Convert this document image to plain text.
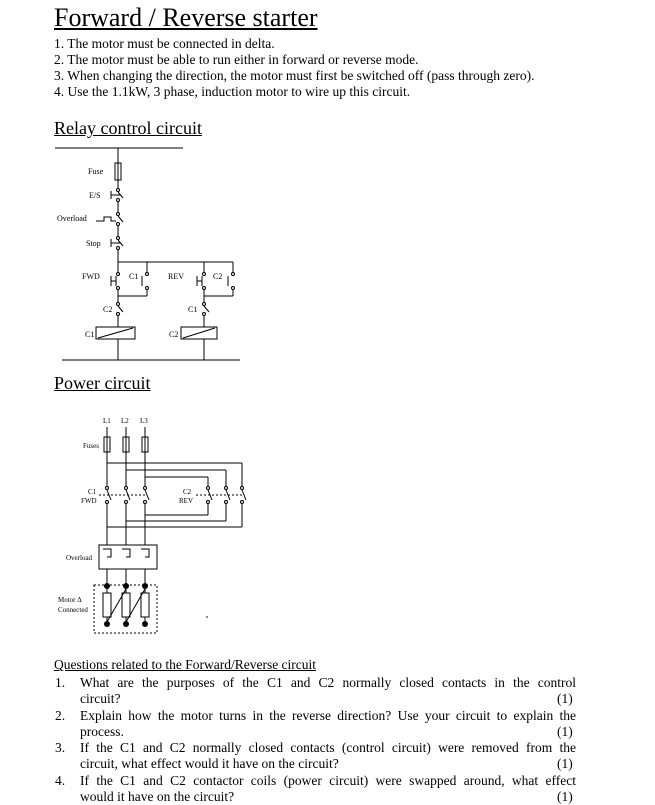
Forward / Reverse starter
1. The motor must be connected in delta.
2. The motor must be able to run either in forward or reverse mode.
3. When changing the direction, the motor must first be switched off (pass through zero).
4. Use the 1.1kW, 3 phase, induction motor to wire up this circuit.
Relay control circuit
Fuse
E/S
Overload
Stop
FWD	C1
C2
C1
REV	C2
C1
C2
Power circuit
L1 L2 L3
Fuses
C1
FWD
C2
REV
Overload
Motor Δ
Connected
Questions related to the Forward/Reverse circuit
1. What are the purposes of the C1 and C2 normally closed contacts in the control
circuit?	(1)
2. Explain how the motor turns in the reverse direction? Use your circuit to explain the
process.	(1)
3. If the C1 and C2 normally closed contacts (control circuit) were removed from the
circuit, what effect would it have on the circuit?	(1)
4. If the C1 and C2 contactor coils (power circuit) were swapped around, what effect
would it have on the circuit?	(1)
